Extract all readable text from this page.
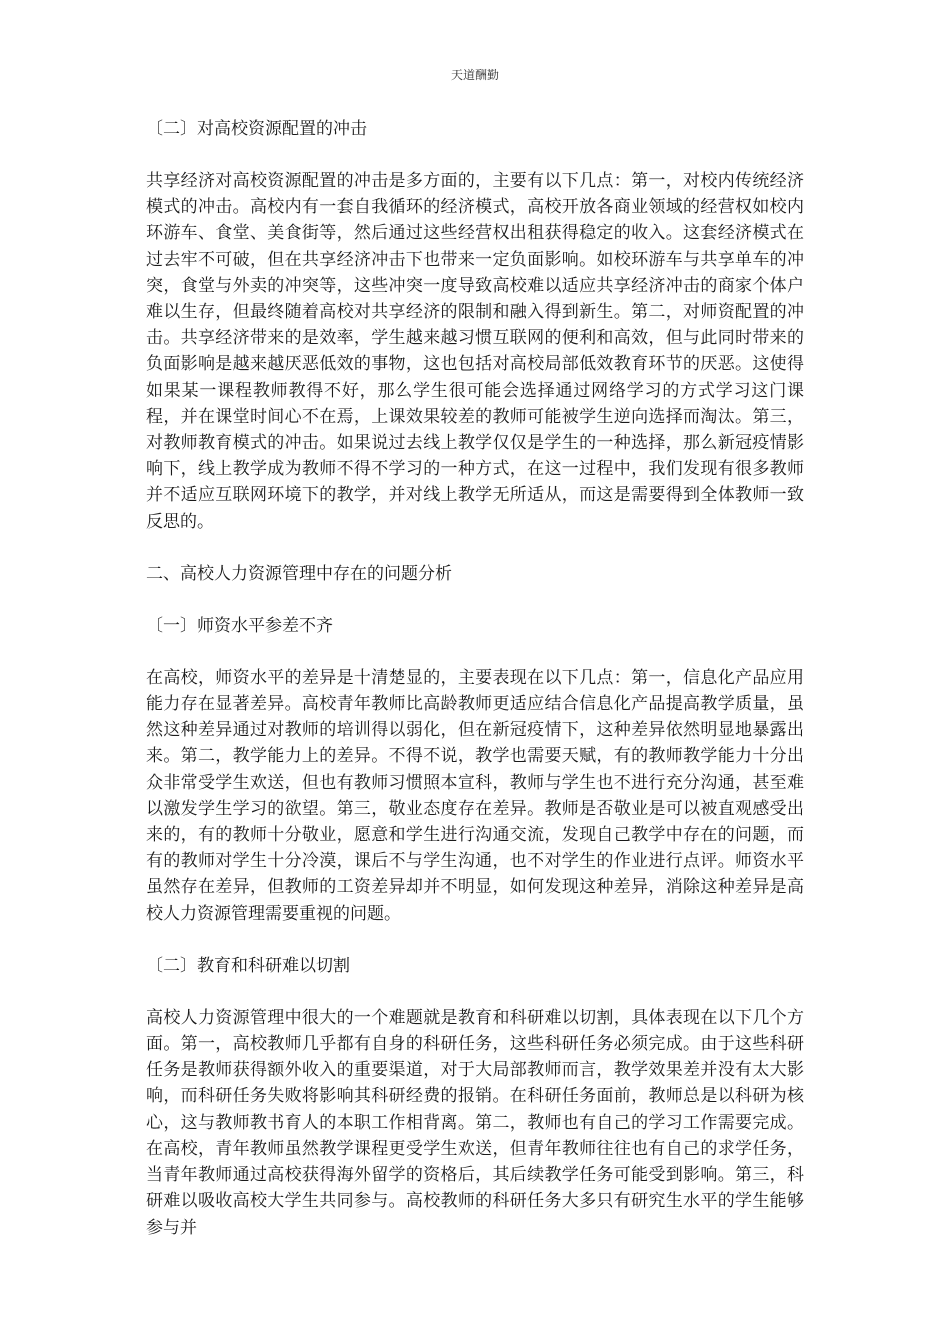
天道酬勤
〔二〕对高校资源配置的冲击
共享经济对高校资源配置的冲击是多方面的，主要有以下几点：第一，对校内传统经济模式的冲击。高校内有一套自我循环的经济模式，高校开放各商业领域的经营权如校内环游车、食堂、美食街等，然后通过这些经营权出租获得稳定的收入。这套经济模式在过去牢不可破，但在共享经济冲击下也带来一定负面影响。如校环游车与共享单车的冲突，食堂与外卖的冲突等，这些冲突一度导致高校难以适应共享经济冲击的商家个体户难以生存，但最终随着高校对共享经济的限制和融入得到新生。第二，对师资配置的冲击。共享经济带来的是效率，学生越来越习惯互联网的便利和高效，但与此同时带来的负面影响是越来越厌恶低效的事物，这也包括对高校局部低效教育环节的厌恶。这使得如果某一课程教师教得不好，那么学生很可能会选择通过网络学习的方式学习这门课程，并在课堂时间心不在焉，上课效果较差的教师可能被学生逆向选择而淘汰。第三，对教师教育模式的冲击。如果说过去线上教学仅仅是学生的一种选择，那么新冠疫情影响下，线上教学成为教师不得不学习的一种方式，在这一过程中，我们发现有很多教师并不适应互联网环境下的教学，并对线上教学无所适从，而这是需要得到全体教师一致反思的。
二、高校人力资源管理中存在的问题分析
〔一〕师资水平参差不齐
在高校，师资水平的差异是十清楚显的，主要表现在以下几点：第一，信息化产品应用能力存在显著差异。高校青年教师比高龄教师更适应结合信息化产品提高教学质量，虽然这种差异通过对教师的培训得以弱化，但在新冠疫情下，这种差异依然明显地暴露出来。第二，教学能力上的差异。不得不说，教学也需要天赋，有的教师教学能力十分出众非常受学生欢送，但也有教师习惯照本宣科，教师与学生也不进行充分沟通，甚至难以激发学生学习的欲望。第三，敬业态度存在差异。教师是否敬业是可以被直观感受出来的，有的教师十分敬业，愿意和学生进行沟通交流，发现自己教学中存在的问题，而有的教师对学生十分冷漠，课后不与学生沟通，也不对学生的作业进行点评。师资水平虽然存在差异，但教师的工资差异却并不明显，如何发现这种差异，消除这种差异是高校人力资源管理需要重视的问题。
〔二〕教育和科研难以切割
高校人力资源管理中很大的一个难题就是教育和科研难以切割，具体表现在以下几个方面。第一，高校教师几乎都有自身的科研任务，这些科研任务必须完成。由于这些科研任务是教师获得额外收入的重要渠道，对于大局部教师而言，教学效果差并没有太大影响，而科研任务失败将影响其科研经费的报销。在科研任务面前，教师总是以科研为核心，这与教师教书育人的本职工作相背离。第二，教师也有自己的学习工作需要完成。在高校，青年教师虽然教学课程更受学生欢送，但青年教师往往也有自己的求学任务，当青年教师通过高校获得海外留学的资格后，其后续教学任务可能受到影响。第三，科研难以吸收高校大学生共同参与。高校教师的科研任务大多只有研究生水平的学生能够参与并
